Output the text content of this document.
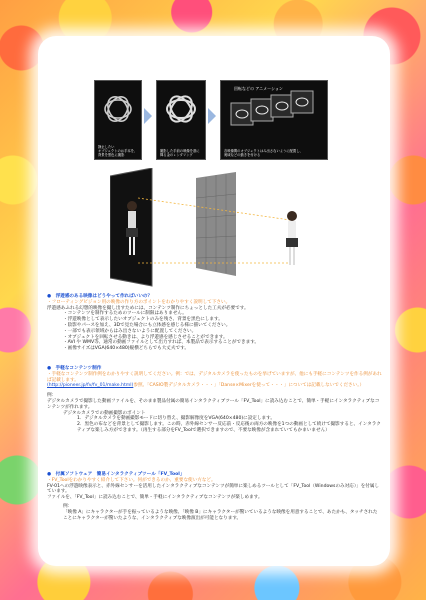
静止したい
オブジェクトのお手本を、
背景を黒色に撮影
撮影した手前の映像を基に
輝る金のレンダリング
各映像間のオブジェクトはみ出さないように配置し、
奥域などの動きを付ける
回転などの アニメーション

●　 浮遊感のある映像はどうやって作ればいいの？

・フローティングビジョン用の映像の作り方のポイントをわかりやすく説明して下さい。

浮遊感あふれる幻想的映像を撮し出すためには、コンテンツ制作にちょっとした工夫が必要です。

・コンテンツを制作するためのツールに制限はありません。

・浮遊映像として表示したいオブジェクトのみを残さ、背景を黒色にします。

・陰影やパースを加え、3Dで見た場合にも立体感を感じる様に描いてください。

・一部でも表示領域からはみ出さないように配置してください。

・オブジェクトを回転させる動きは、より浮遊感を感じさせることができます。

・AVI や WMV等、通常の動画ファイルとして出力すれば、本製品で表示することができます。

・画像サイズはVGA(640×480)縦横どちらでも大丈夫です。

●　 手軽なコンテンツ制作

・手軽なコンテンツ制作例をわかりやすく説明してください。例：では、デジタルカメラを使ったものを挙げていますが、他にも手軽にコンテンツを作る例があれば記載します。

(http://pioneer.jp/fv/fv_01/make.html)参照。「CASIO製デジタルカメラ・・・」「Danse×Mixerを使って・・・」については記載しないでください。）

例：

デジタルカメラで撮影した動画ファイルを、そのまま製品付属の簡易インタラクティブツール「FV_Tool」に読み込むことで、簡単・手軽にインタラクティブなコンテンツが作れます。

デジタルカメラでの動画撮影のポイント

1．デジタルカメラを動画撮影モードに切り替え、撮影解像度をVGA(640×480)に設定します。

2．黒色の布などを背景として撮影します。この時、赤外線センサー反応前・反応後の両方の映像を1つの動画として続けて撮影すると、インタラクティブな楽しみ方ができます。（再生する部分をFV_Toolで選択できますので、不要な映像が含まれていてもかまいません）

●　 付属ソフトウェア　簡易インタラクティブツール「FV_Tool」

・FV_Toolをわかりやすく紹介して下さい。何ができるのか、重要な使い方など。

FV-01への浮遊映像表示と、赤外線センサーを活用したインタラクティブなコンテンツが簡単に楽しめるツールとして「FV_Tool（Windowsのみ対応）」を付属しています。

ファイルを、「FV_Tool」に読み込むことで、簡単・手軽にインタラクティブなコンテンツが楽しめます。

例：

「映像 A」にキャラクターが手を振っているような映像、「映像 B」にキャラクターが驚いているような映像を用意することで、あたかも、タッチされたことにキャラクターが驚いたような、インタラクティブな映像演出が可能となります。
